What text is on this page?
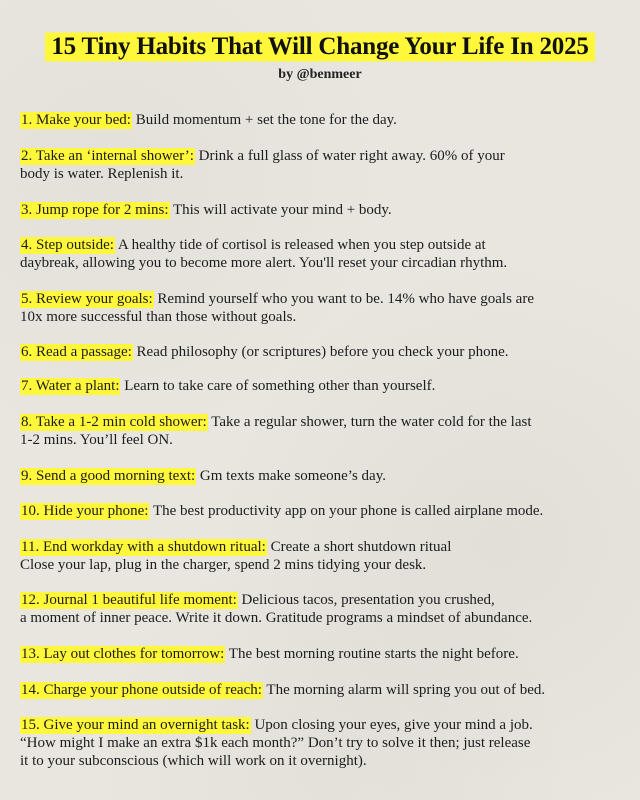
15 Tiny Habits That Will Change Your Life In 2025
by @benmeer

1. Make your bed: Build momentum + set the tone for the day.

2. Take an ‘internal shower’: Drink a full glass of water right away. 60% of your
body is water. Replenish it.

3. Jump rope for 2 mins: This will activate your mind + body.

4. Step outside: A healthy tide of cortisol is released when you step outside at
daybreak, allowing you to become more alert. You'll reset your circadian rhythm.

5. Review your goals: Remind yourself who you want to be. 14% who have goals are
10x more successful than those without goals.

6. Read a passage: Read philosophy (or scriptures) before you check your phone.

7. Water a plant: Learn to take care of something other than yourself.

8. Take a 1-2 min cold shower: Take a regular shower, turn the water cold for the last
1-2 mins. You’ll feel ON.

9. Send a good morning text: Gm texts make someone’s day.

10. Hide your phone: The best productivity app on your phone is called airplane mode.

11. End workday with a shutdown ritual: Create a short shutdown ritual
Close your lap, plug in the charger, spend 2 mins tidying your desk.

12. Journal 1 beautiful life moment: Delicious tacos, presentation you crushed,
a moment of inner peace. Write it down. Gratitude programs a mindset of abundance.

13. Lay out clothes for tomorrow: The best morning routine starts the night before.

14. Charge your phone outside of reach: The morning alarm will spring you out of bed.

15. Give your mind an overnight task: Upon closing your eyes, give your mind a job.
“How might I make an extra $1k each month?” Don’t try to solve it then; just release
it to your subconscious (which will work on it overnight).
